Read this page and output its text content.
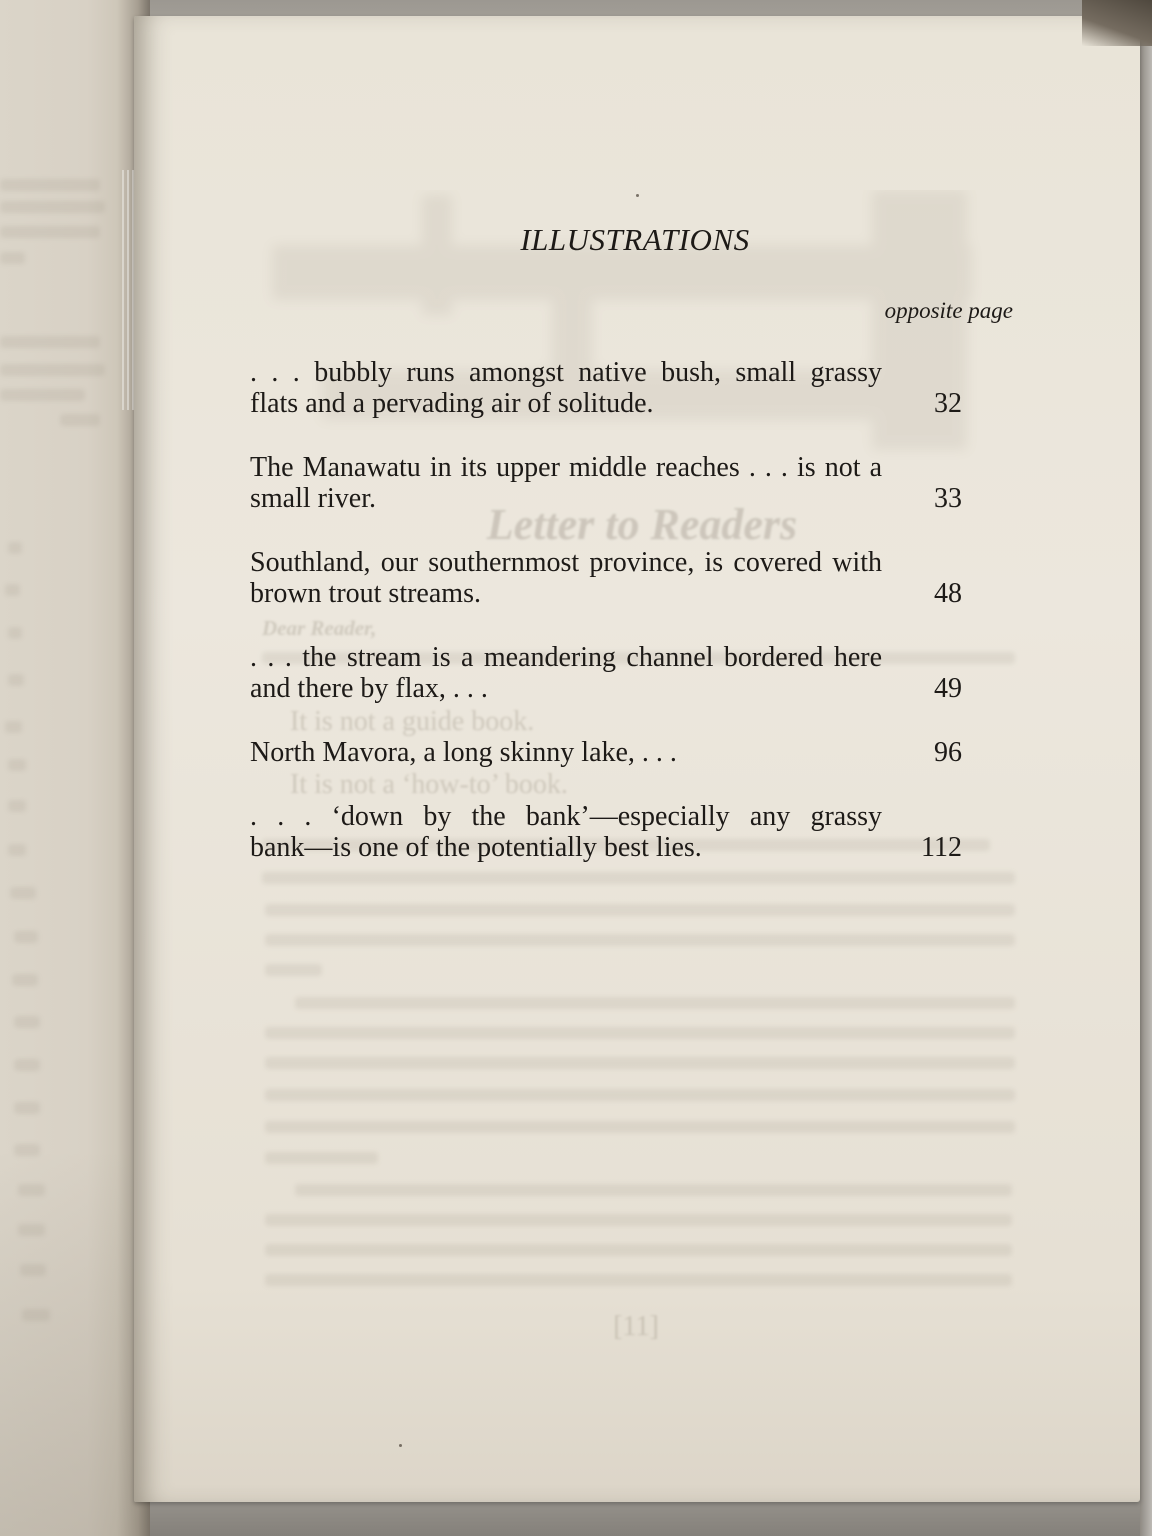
Letter to Readers
Dear Reader,
It is not a guide book.
It is not a ‘how-to’ book.
[11]
ILLUSTRATIONS
opposite page
. . . bubbly runs amongst native bush, small grassy
flats and a pervading air of solitude.	32
The Manawatu in its upper middle reaches . . . is not a
small river.	33
Southland, our southernmost province, is covered with
brown trout streams.	48
. . . the stream is a meandering channel bordered here
and there by flax, . . .	49
North Mavora, a long skinny lake, . . .	96
. . . ‘down by the bank’—especially any grassy
bank—is one of the potentially best lies.	112
